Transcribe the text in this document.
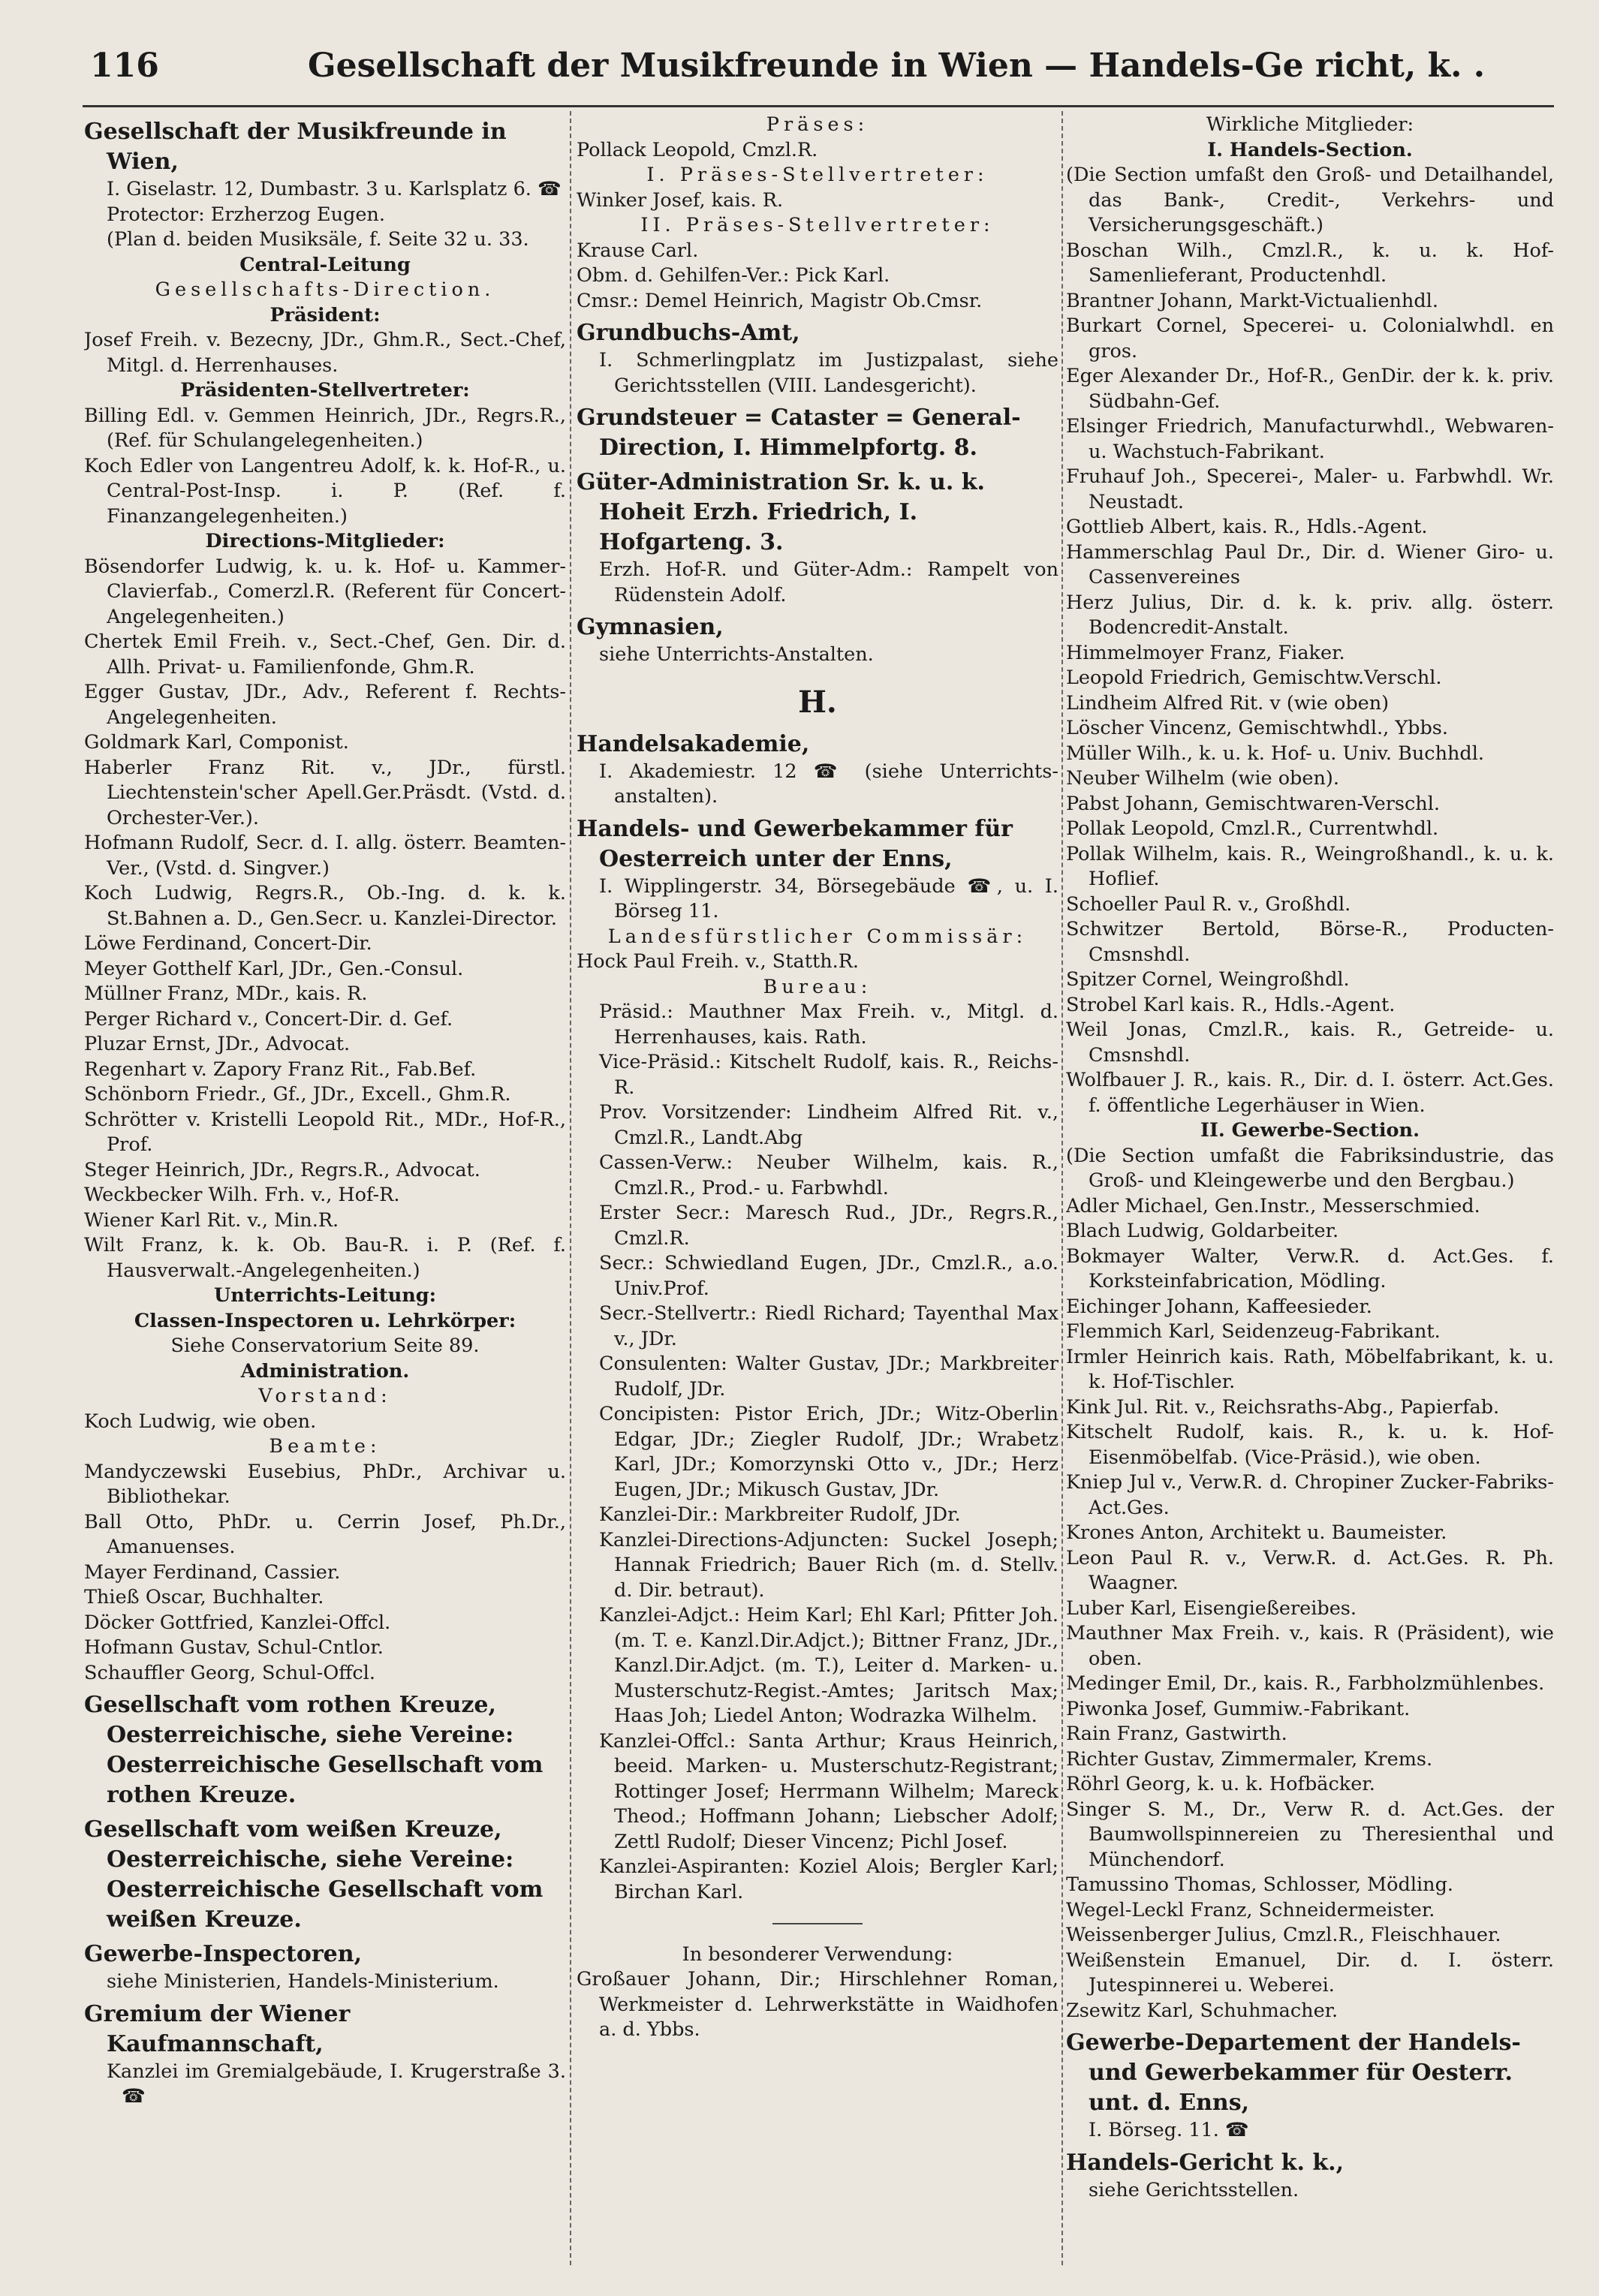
116	Gesellschaft der Musikfreunde in Wien — Handels-Ge richt, k. .

Gesellschaft der Musikfreunde in Wien,

I. Giselastr. 12, Dumbastr. 3 u. Karlsplatz 6. ☎

Protector: Erzherzog Eugen.

(Plan d. beiden Musiksäle, f. Seite 32 u. 33.

Central-Leitung

Gesellschafts-Direction.

Präsident:

Josef Freih. v. Bezecny, JDr., Ghm.R., Sect.-Chef, Mitgl. d. Herrenhauses.

Präsidenten-Stellvertreter:

Billing Edl. v. Gemmen Heinrich, JDr., Regrs.R., (Ref. für Schulangelegenheiten.)

Koch Edler von Langentreu Adolf, k. k. Hof-R., u. Central-Post-Insp. i. P. (Ref. f. Finanzangelegenheiten.)

Directions-Mitglieder:

Bösendorfer Ludwig, k. u. k. Hof- u. Kammer-Clavierfab., Comerzl.R. (Referent für Concert-Angelegenheiten.)

Chertek Emil Freih. v., Sect.-Chef, Gen. Dir. d. Allh. Privat- u. Familienfonde, Ghm.R.

Egger Gustav, JDr., Adv., Referent f. Rechts-Angelegenheiten.

Goldmark Karl, Componist.

Haberler Franz Rit. v., JDr., fürstl. Liechtenstein'scher Apell.Ger.Präsdt. (Vstd. d. Orchester-Ver.).

Hofmann Rudolf, Secr. d. I. allg. österr. Beamten-Ver., (Vstd. d. Singver.)

Koch Ludwig, Regrs.R., Ob.-Ing. d. k. k. St.Bahnen a. D., Gen.Secr. u. Kanzlei-Director.

Löwe Ferdinand, Concert-Dir.

Meyer Gotthelf Karl, JDr., Gen.-Consul.

Müllner Franz, MDr., kais. R.

Perger Richard v., Concert-Dir. d. Gef.

Pluzar Ernst, JDr., Advocat.

Regenhart v. Zapory Franz Rit., Fab.Bef.

Schönborn Friedr., Gf., JDr., Excell., Ghm.R.

Schrötter v. Kristelli Leopold Rit., MDr., Hof-R., Prof.

Steger Heinrich, JDr., Regrs.R., Advocat.

Weckbecker Wilh. Frh. v., Hof-R.

Wiener Karl Rit. v., Min.R.

Wilt Franz, k. k. Ob. Bau-R. i. P. (Ref. f. Hausverwalt.-Angelegenheiten.)

Unterrichts-Leitung:

Classen-Inspectoren u. Lehrkörper:

Siehe Conservatorium Seite 89.

Administration.

Vorstand:

Koch Ludwig, wie oben.

Beamte:

Mandyczewski Eusebius, PhDr., Archivar u. Bibliothekar.

Ball Otto, PhDr. u. Cerrin Josef, Ph.Dr., Amanuenses.

Mayer Ferdinand, Cassier.

Thieß Oscar, Buchhalter.

Döcker Gottfried, Kanzlei-Offcl.

Hofmann Gustav, Schul-Cntlor.

Schauffler Georg, Schul-Offcl.

Gesellschaft vom rothen Kreuze, Oesterreichische, siehe Vereine: Oesterreichische Gesellschaft vom rothen Kreuze.

Gesellschaft vom weißen Kreuze, Oesterreichische, siehe Vereine: Oesterreichische Gesellschaft vom weißen Kreuze.

Gewerbe-Inspectoren,

siehe Ministerien, Handels-Ministerium.

Gremium der Wiener Kaufmannschaft,

Kanzlei im Gremialgebäude, I. Krugerstraße 3. ☎

Präses:

Pollack Leopold, Cmzl.R.

I. Präses-Stellvertreter:

Winker Josef, kais. R.

II. Präses-Stellvertreter:

Krause Carl.

Obm. d. Gehilfen-Ver.: Pick Karl.

Cmsr.: Demel Heinrich, Magistr Ob.Cmsr.

Grundbuchs-Amt,

I. Schmerlingplatz im Justizpalast, siehe Gerichtsstellen (VIII. Landesgericht).

Grundsteuer = Cataster = General-Direction, I. Himmelpfortg. 8.

Güter-Administration Sr. k. u. k. Hoheit Erzh. Friedrich, I. Hofgarteng. 3.

Erzh. Hof-R. und Güter-Adm.: Rampelt von Rüdenstein Adolf.

Gymnasien,

siehe Unterrichts-Anstalten.

H.

Handelsakademie,

I. Akademiestr. 12 ☎ (siehe Unterrichts-anstalten).

Handels- und Gewerbekammer für Oesterreich unter der Enns,

I. Wipplingerstr. 34, Börsegebäude ☎, u. I. Börseg 11.

Landesfürstlicher Commissär:

Hock Paul Freih. v., Statth.R.

Bureau:

Präsid.: Mauthner Max Freih. v., Mitgl. d. Herrenhauses, kais. Rath.

Vice-Präsid.: Kitschelt Rudolf, kais. R., Reichs-R.

Prov. Vorsitzender: Lindheim Alfred Rit. v., Cmzl.R., Landt.Abg

Cassen-Verw.: Neuber Wilhelm, kais. R., Cmzl.R., Prod.- u. Farbwhdl.

Erster Secr.: Maresch Rud., JDr., Regrs.R., Cmzl.R.

Secr.: Schwiedland Eugen, JDr., Cmzl.R., a.o. Univ.Prof.

Secr.-Stellvertr.: Riedl Richard; Tayenthal Max v., JDr.

Consulenten: Walter Gustav, JDr.; Markbreiter Rudolf, JDr.

Concipisten: Pistor Erich, JDr.; Witz-Oberlin Edgar, JDr.; Ziegler Rudolf, JDr.; Wrabetz Karl, JDr.; Komorzynski Otto v., JDr.; Herz Eugen, JDr.; Mikusch Gustav, JDr.

Kanzlei-Dir.: Markbreiter Rudolf, JDr.

Kanzlei-Directions-Adjuncten: Suckel Joseph; Hannak Friedrich; Bauer Rich (m. d. Stellv. d. Dir. betraut).

Kanzlei-Adjct.: Heim Karl; Ehl Karl; Pfitter Joh. (m. T. e. Kanzl.Dir.Adjct.); Bittner Franz, JDr., Kanzl.Dir.Adjct. (m. T.), Leiter d. Marken- u. Musterschutz-Regist.-Amtes; Jaritsch Max; Haas Joh; Liedel Anton; Wodrazka Wilhelm.

Kanzlei-Offcl.: Santa Arthur; Kraus Heinrich, beeid. Marken- u. Musterschutz-Registrant; Rottinger Josef; Herrmann Wilhelm; Mareck Theod.; Hoffmann Johann; Liebscher Adolf; Zettl Rudolf; Dieser Vincenz; Pichl Josef.

Kanzlei-Aspiranten: Koziel Alois; Bergler Karl; Birchan Karl.

In besonderer Verwendung:

Großauer Johann, Dir.; Hirschlehner Roman, Werkmeister d. Lehrwerkstätte in Waidhofen a. d. Ybbs.

Wirkliche Mitglieder:

I. Handels-Section.

(Die Section umfaßt den Groß- und Detailhandel, das Bank-, Credit-, Verkehrs- und Versicherungsgeschäft.)

Boschan Wilh., Cmzl.R., k. u. k. Hof-Samenlieferant, Productenhdl.

Brantner Johann, Markt-Victualienhdl.

Burkart Cornel, Specerei- u. Colonialwhdl. en gros.

Eger Alexander Dr., Hof-R., GenDir. der k. k. priv. Südbahn-Gef.

Elsinger Friedrich, Manufacturwhdl., Webwaren- u. Wachstuch-Fabrikant.

Fruhauf Joh., Specerei-, Maler- u. Farbwhdl. Wr. Neustadt.

Gottlieb Albert, kais. R., Hdls.-Agent.

Hammerschlag Paul Dr., Dir. d. Wiener Giro- u. Cassenvereines

Herz Julius, Dir. d. k. k. priv. allg. österr. Bodencredit-Anstalt.

Himmelmoyer Franz, Fiaker.

Leopold Friedrich, Gemischtw.Verschl.

Lindheim Alfred Rit. v (wie oben)

Löscher Vincenz, Gemischtwhdl., Ybbs.

Müller Wilh., k. u. k. Hof- u. Univ. Buchhdl.

Neuber Wilhelm (wie oben).

Pabst Johann, Gemischtwaren-Verschl.

Pollak Leopold, Cmzl.R., Currentwhdl.

Pollak Wilhelm, kais. R., Weingroßhandl., k. u. k. Hoflief.

Schoeller Paul R. v., Großhdl.

Schwitzer Bertold, Börse-R., Producten-Cmsnshdl.

Spitzer Cornel, Weingroßhdl.

Strobel Karl kais. R., Hdls.-Agent.

Weil Jonas, Cmzl.R., kais. R., Getreide- u. Cmsnshdl.

Wolfbauer J. R., kais. R., Dir. d. I. österr. Act.Ges. f. öffentliche Legerhäuser in Wien.

II. Gewerbe-Section.

(Die Section umfaßt die Fabriksindustrie, das Groß- und Kleingewerbe und den Bergbau.)

Adler Michael, Gen.Instr., Messerschmied.

Blach Ludwig, Goldarbeiter.

Bokmayer Walter, Verw.R. d. Act.Ges. f. Korksteinfabrication, Mödling.

Eichinger Johann, Kaffeesieder.

Flemmich Karl, Seidenzeug-Fabrikant.

Irmler Heinrich kais. Rath, Möbelfabrikant, k. u. k. Hof-Tischler.

Kink Jul. Rit. v., Reichsraths-Abg., Papierfab.

Kitschelt Rudolf, kais. R., k. u. k. Hof-Eisenmöbelfab. (Vice-Präsid.), wie oben.

Kniep Jul v., Verw.R. d. Chropiner Zucker-Fabriks-Act.Ges.

Krones Anton, Architekt u. Baumeister.

Leon Paul R. v., Verw.R. d. Act.Ges. R. Ph. Waagner.

Luber Karl, Eisengießereibes.

Mauthner Max Freih. v., kais. R (Präsident), wie oben.

Medinger Emil, Dr., kais. R., Farbholzmühlenbes.

Piwonka Josef, Gummiw.-Fabrikant.

Rain Franz, Gastwirth.

Richter Gustav, Zimmermaler, Krems.

Röhrl Georg, k. u. k. Hofbäcker.

Singer S. M., Dr., Verw R. d. Act.Ges. der Baumwollspinnereien zu Theresienthal und Münchendorf.

Tamussino Thomas, Schlosser, Mödling.

Wegel-Leckl Franz, Schneidermeister.

Weissenberger Julius, Cmzl.R., Fleischhauer.

Weißenstein Emanuel, Dir. d. I. österr. Jutespinnerei u. Weberei.

Zsewitz Karl, Schuhmacher.

Gewerbe-Departement der Handels- und Gewerbekammer für Oesterr. unt. d. Enns,

I. Börseg. 11. ☎

Handels-Gericht k. k.,

siehe Gerichtsstellen.
